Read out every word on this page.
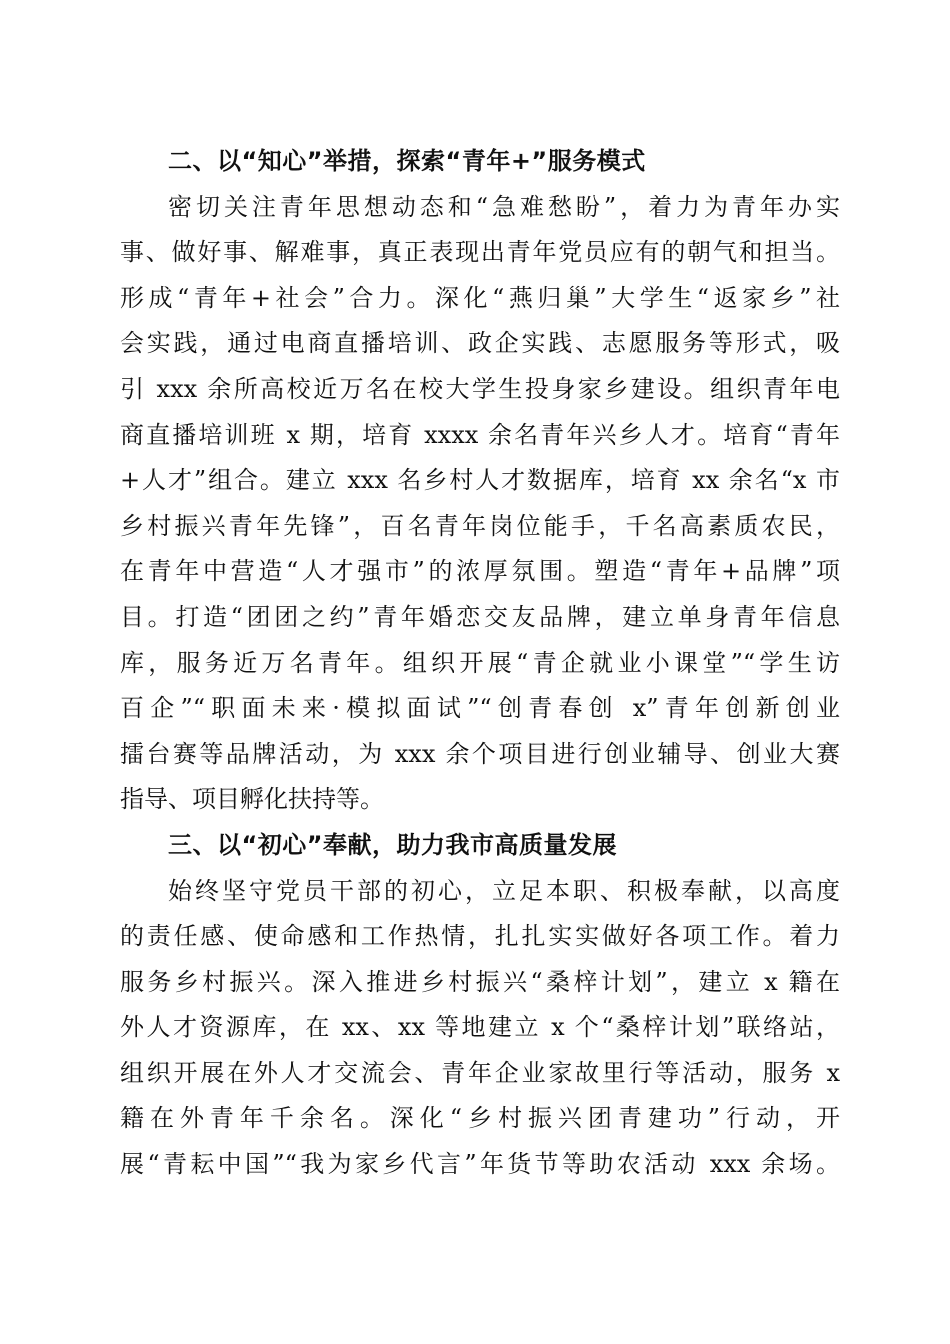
二、以“知心”举措，探索“青年+”服务模式
密切关注青年思想动态和“急难愁盼”，着力为青年办实
事、做好事、解难事，真正表现出青年党员应有的朝气和担当。
形成“青年+社会”合力。深化“燕归巢”大学生“返家乡”社
会实践，通过电商直播培训、政企实践、志愿服务等形式，吸
引 xxx 余所高校近万名在校大学生投身家乡建设。组织青年电
商直播培训班 x 期，培育 xxxx 余名青年兴乡人才。培育“青年
+人才”组合。建立 xxx 名乡村人才数据库，培育 xx 余名“x 市
乡村振兴青年先锋”，百名青年岗位能手，千名高素质农民，
在青年中营造“人才强市”的浓厚氛围。塑造“青年+品牌”项
目。打造“团团之约”青年婚恋交友品牌，建立单身青年信息
库，服务近万名青年。组织开展“青企就业小课堂”“学生访
百企”“职面未来·模拟面试”“创青春创 x”青年创新创业
擂台赛等品牌活动，为 xxx 余个项目进行创业辅导、创业大赛
指导、项目孵化扶持等。
三、以“初心”奉献，助力我市高质量发展
始终坚守党员干部的初心，立足本职、积极奉献，以高度
的责任感、使命感和工作热情，扎扎实实做好各项工作。着力
服务乡村振兴。深入推进乡村振兴“桑梓计划”，建立 x 籍在
外人才资源库，在 xx、xx 等地建立 x 个“桑梓计划”联络站，
组织开展在外人才交流会、青年企业家故里行等活动，服务 x
籍在外青年千余名。深化“乡村振兴团青建功”行动，开
展“青耘中国”“我为家乡代言”年货节等助农活动 xxx 余场。
